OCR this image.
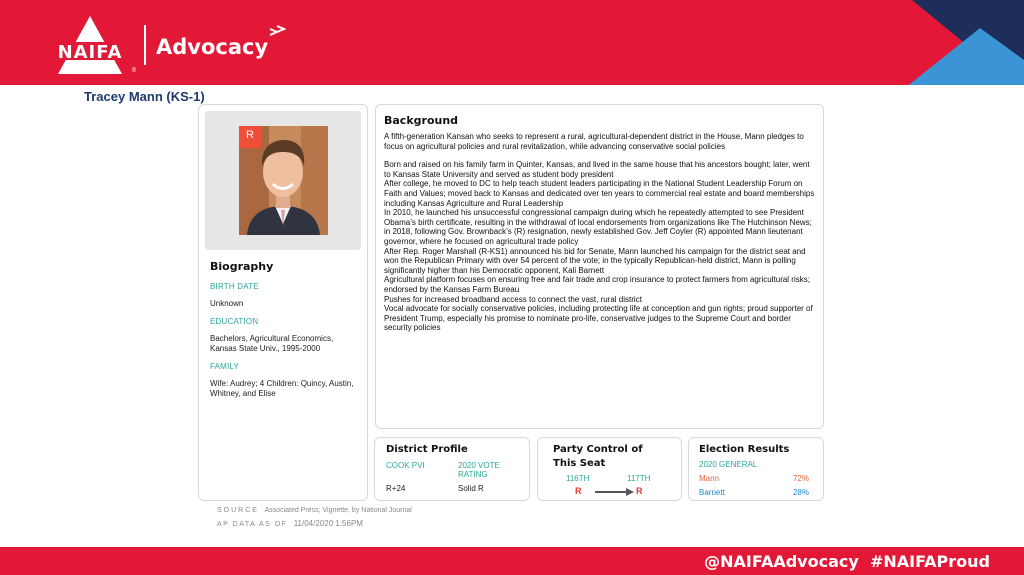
NAIFA
®
Advocacy
Tracey Mann (KS-1)
R
Biography
BIRTH DATE
Unknown
EDUCATION
Bachelors, Agricultural Economics, Kansas State Univ., 1995-2000
FAMILY
Wife: Audrey; 4 Children: Quincy, Austin, Whitney, and Elise
Background

A fifth-generation Kansan who seeks to represent a rural, agricultural-dependent district in the House, Mann pledges to focus on agricultural policies and rural revitalization, while advancing conservative social policies

Born and raised on his family farm in Quinter, Kansas, and lived in the same house that his ancestors bought; later, went to Kansas State University and served as student body president

After college, he moved to DC to help teach student leaders participating in the National Student Leadership Forum on Faith and Values; moved back to Kansas and dedicated over ten years to commercial real estate and board memberships including Kansas Agriculture and Rural Leadership

In 2010, he launched his unsuccessful congressional campaign during which he repeatedly attempted to see President Obama’s birth certificate, resulting in the withdrawal of local endorsements from organizations like The Hutchinson News; in 2018, following Gov. Brownback’s (R) resignation, newly established Gov. Jeff Coyler (R) appointed Mann lieutenant governor, where he focused on agricultural trade policy

After Rep. Roger Marshall (R-KS1) announced his bid for Senate, Mann launched his campaign for the district seat and won the Republican Primary with over 54 percent of the vote; in the typically Republican-held district, Mann is polling significantly higher than his Democratic opponent, Kali Barnett

Agricultural platform focuses on ensuring free and fair trade and crop insurance to protect farmers from agricultural risks; endorsed by the Kansas Farm Bureau

Pushes for increased broadband access to connect the vast, rural district

Vocal advocate for socially conservative policies, including protecting life at conception and gun rights; proud supporter of President Trump, especially his promise to nominate pro-life, conservative judges to the Supreme Court and border security policies

District Profile
COOK PVI	2020 VOTE RATING
R+24	Solid R
Party Control of
This Seat
116TH	117TH
R	R
Election Results
2020 GENERAL
Mann	72%
Barnett	28%
SOURCE Associated Press; Vignette, by National Journal
AP DATA AS OF 11/04/2020 1:56PM
@NAIFAAdvocacy  #NAIFAProud
